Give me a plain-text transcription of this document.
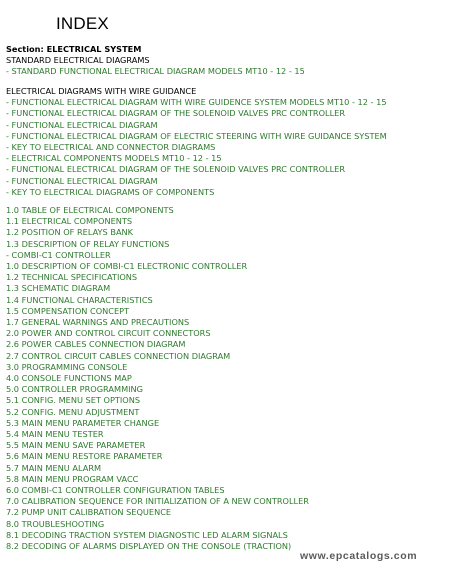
INDEX
Section: ELECTRICAL SYSTEM
STANDARD ELECTRICAL DIAGRAMS
- STANDARD FUNCTIONAL ELECTRICAL DIAGRAM MODELS MT10 - 12 - 15
ELECTRICAL DIAGRAMS WITH WIRE GUIDANCE
- FUNCTIONAL ELECTRICAL DIAGRAM WITH WIRE GUIDENCE SYSTEM MODELS MT10 - 12 - 15
- FUNCTIONAL ELECTRICAL DIAGRAM OF THE SOLENOID VALVES PRC CONTROLLER
- FUNCTIONAL ELECTRICAL DIAGRAM
- FUNCTIONAL ELECTRICAL DIAGRAM OF ELECTRIC STEERING WITH WIRE GUIDANCE SYSTEM
- KEY TO ELECTRICAL AND CONNECTOR DIAGRAMS
- ELECTRICAL COMPONENTS MODELS MT10 - 12 - 15
- FUNCTIONAL ELECTRICAL DIAGRAM OF THE SOLENOID VALVES PRC CONTROLLER
- FUNCTIONAL ELECTRICAL DIAGRAM
- KEY TO ELECTRICAL DIAGRAMS OF COMPONENTS
1.0 TABLE OF ELECTRICAL COMPONENTS
1.1 ELECTRICAL COMPONENTS
1.2 POSITION OF RELAYS BANK
1.3 DESCRIPTION OF RELAY FUNCTIONS
- COMBI-C1 CONTROLLER
1.0 DESCRIPTION OF COMBI-C1 ELECTRONIC CONTROLLER
1.2 TECHNICAL SPECIFICATIONS
1.3 SCHEMATIC DIAGRAM
1.4 FUNCTIONAL CHARACTERISTICS
1.5 COMPENSATION CONCEPT
1.7 GENERAL WARNINGS AND PRECAUTIONS
2.0 POWER AND CONTROL CIRCUIT CONNECTORS
2.6 POWER CABLES CONNECTION DIAGRAM
2.7 CONTROL CIRCUIT CABLES CONNECTION DIAGRAM
3.0 PROGRAMMING CONSOLE
4.0 CONSOLE FUNCTIONS MAP
5.0 CONTROLLER PROGRAMMING
5.1 CONFIG. MENU SET OPTIONS
5.2 CONFIG. MENU ADJUSTMENT
5.3 MAIN MENU PARAMETER CHANGE
5.4 MAIN MENU TESTER
5.5 MAIN MENU SAVE PARAMETER
5.6 MAIN MENU RESTORE PARAMETER
5.7 MAIN MENU ALARM
5.8 MAIN MENU PROGRAM VACC
6.0 COMBI-C1 CONTROLLER CONFIGURATION TABLES
7.0 CALIBRATION SEQUENCE FOR INITIALIZATION OF A NEW CONTROLLER
7.2 PUMP UNIT CALIBRATION SEQUENCE
8.0 TROUBLESHOOTING
8.1 DECODING TRACTION SYSTEM DIAGNOSTIC LED ALARM SIGNALS
8.2 DECODING OF ALARMS DISPLAYED ON THE CONSOLE (TRACTION)
www.epcatalogs.com
